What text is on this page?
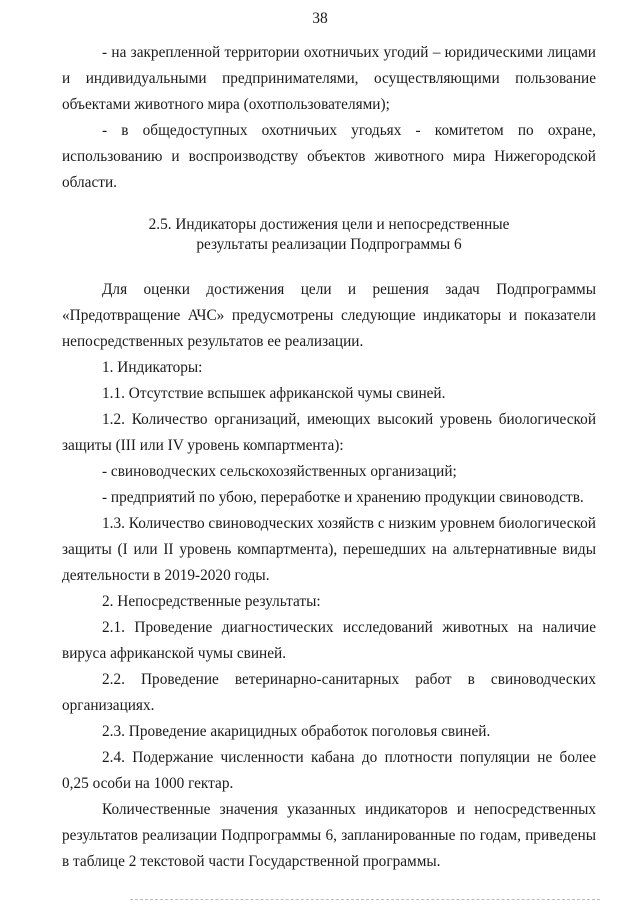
38

- на закрепленной территории охотничьих угодий – юридическими лицами и индивидуальными предпринимателями, осуществляющими пользование объектами животного мира (охотпользователями);

- в общедоступных охотничьих угодьях - комитетом по охране, использованию и воспроизводству объектов животного мира Нижегородской области.

2.5. Индикаторы достижения цели и непосредственные
результаты реализации Подпрограммы 6

Для оценки достижения цели и решения задач Подпрограммы «Предотвращение АЧС» предусмотрены следующие индикаторы и показатели непосредственных результатов ее реализации.

1. Индикаторы:

1.1. Отсутствие вспышек африканской чумы свиней.

1.2. Количество организаций, имеющих высокий уровень биологической защиты (III или IV уровень компартмента):

- свиноводческих сельскохозяйственных организаций;

- предприятий по убою, переработке и хранению продукции свиноводств.

1.3. Количество свиноводческих хозяйств с низким уровнем биологической защиты (I или II уровень компартмента), перешедших на альтернативные виды деятельности в 2019-2020 годы.

2. Непосредственные результаты:

2.1. Проведение диагностических исследований животных на наличие вируса африканской чумы свиней.

2.2. Проведение ветеринарно-санитарных работ в свиноводческих организациях.

2.3. Проведение акарицидных обработок поголовья свиней.

2.4. Подержание численности кабана до плотности популяции не более 0,25 особи на 1000 гектар.

Количественные значения указанных индикаторов и непосредственных результатов реализации Подпрограммы 6, запланированные по годам, приведены в таблице 2 текстовой части Государственной программы.
